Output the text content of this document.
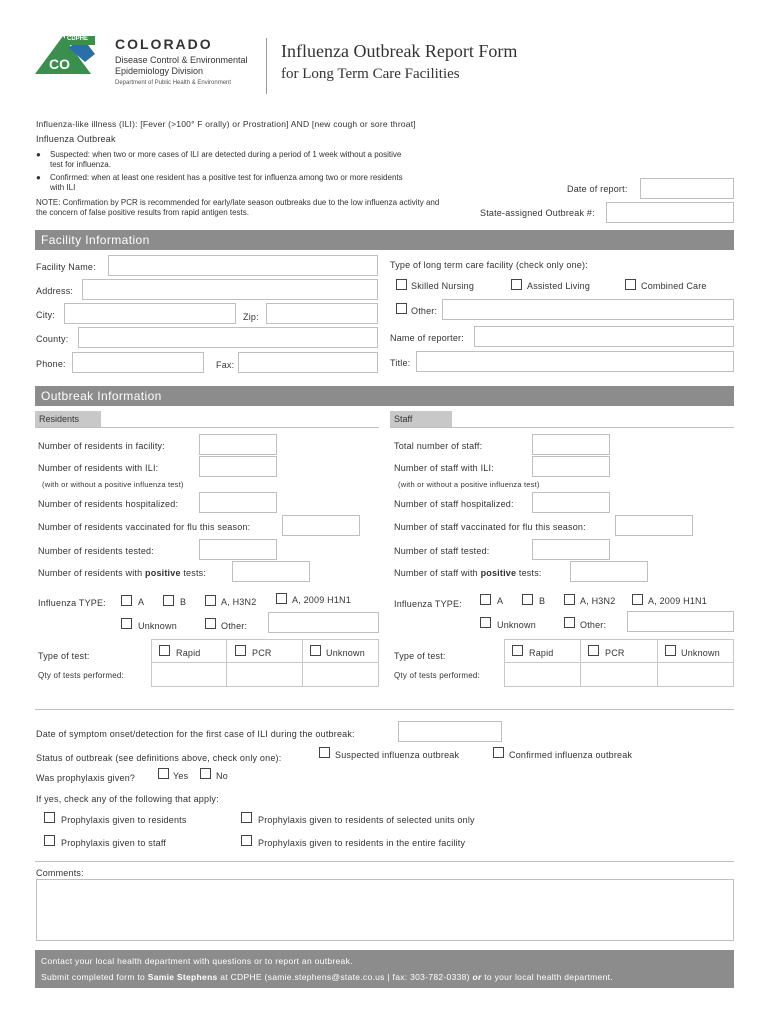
CDPHE
CO
COLORADO
Disease Control & Environmental
Epidemiology Division
Department of Public Health & Environment
Influenza Outbreak Report Form
for Long Term Care Facilities
Influenza-like illness (ILI): [Fever (>100° F orally) or Prostration] AND [new cough or sore throat]
Influenza Outbreak
●	Suspected: when two or more cases of ILI are detected during a period of 1 week without a positive test for influenza.
●	Confirmed: when at least one resident has a positive test for influenza among two or more residents with ILI
NOTE: Confirmation by PCR is recommended for early/late season outbreaks due to the low influenza activity and the concern of false positive results from rapid antigen tests.
Date of report:
State-assigned Outbreak #:
Facility Information
Facility Name:
Address:
City:	Zip:
County:
Phone:	Fax:
Type of long term care facility (check only one):
Skilled Nursing	Assisted Living	Combined Care
Other:
Name of reporter:
Title:
Outbreak Information
Residents	Staff
Number of residents in facility:
Number of residents with ILI:
(with or without a positive influenza test)
Number of residents hospitalized:
Number of residents vaccinated for flu this season:
Number of residents tested:
Number of residents with positive tests:
Influenza TYPE:	A	B	A, H3N2	A, 2009 H1N1
Unknown	Other:
Type of test:	Rapid	PCR	Unknown
Qty of tests performed:
Total number of staff:
Number of staff with ILI:
(with or without a positive influenza test)
Number of staff hospitalized:
Number of staff vaccinated for flu this season:
Number of staff tested:
Number of staff with positive tests:
Influenza TYPE:	A	B	A, H3N2	A, 2009 H1N1
Unknown	Other:
Type of test:	Rapid	PCR	Unknown
Qty of tests performed:
Date of symptom onset/detection for the first case of ILI during the outbreak:
Status of outbreak (see definitions above, check only one):	Suspected influenza outbreak	Confirmed influenza outbreak
Was prophylaxis given?	Yes	No
If yes, check any of the following that apply:
Prophylaxis given to residents	Prophylaxis given to residents of selected units only
Prophylaxis given to staff	Prophylaxis given to residents in the entire facility
Comments:
Contact your local health department with questions or to report an outbreak.
Submit completed form to Samie Stephens at CDPHE (samie.stephens@state.co.us | fax: 303-782-0338) or to your local health department.
